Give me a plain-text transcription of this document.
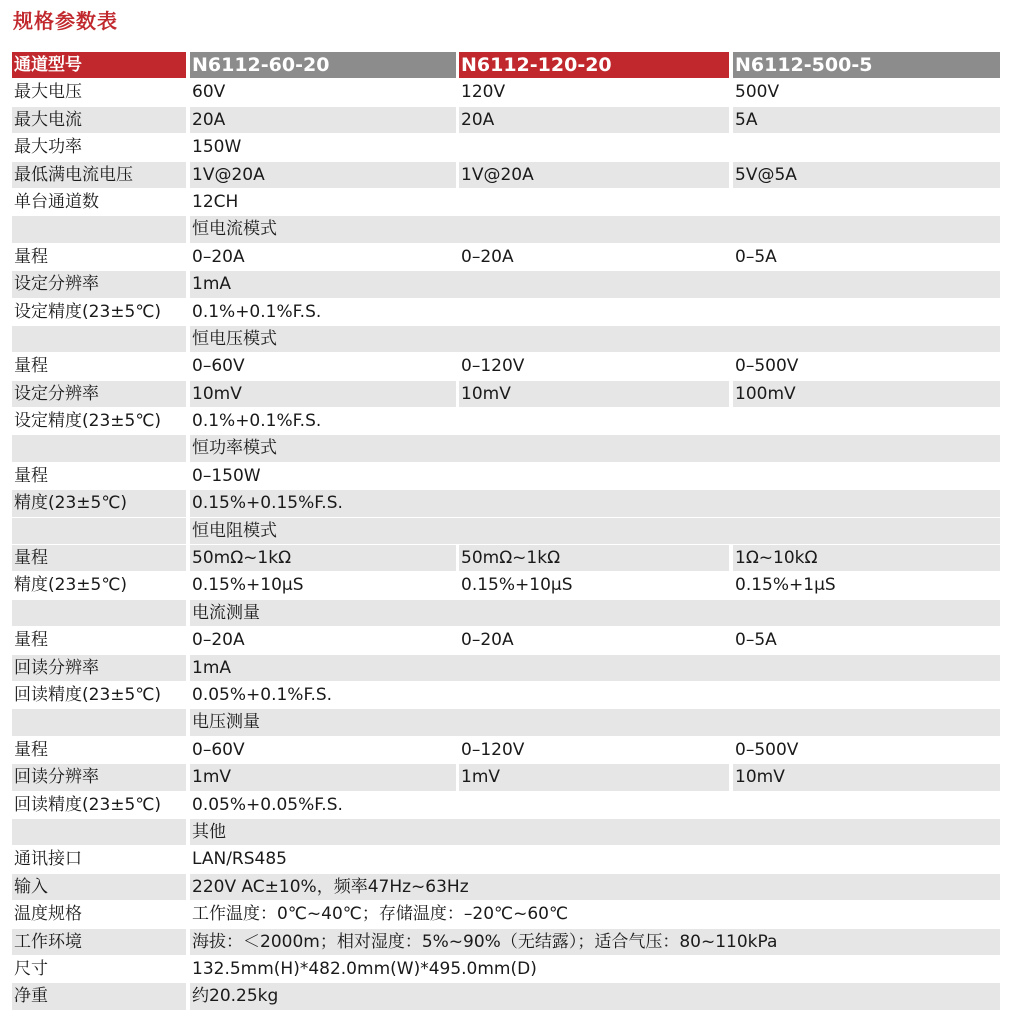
规格参数表
通道型号	N6112-60-20	N6112-120-20	N6112-500-5
最大电压	60V	120V	500V
最大电流	20A	20A	5A
最大功率	150W
最低满电流电压	1V@20A	1V@20A	5V@5A
单台通道数	12CH
恒电流模式
量程	0–20A	0–20A	0–5A
设定分辨率	1mA
设定精度(23±5℃)	0.1%+0.1%F.S.
恒电压模式
量程	0–60V	0–120V	0–500V
设定分辨率	10mV	10mV	100mV
设定精度(23±5℃)	0.1%+0.1%F.S.
恒功率模式
量程	0–150W
精度(23±5℃)	0.15%+0.15%F.S.
恒电阻模式
量程	50mΩ~1kΩ	50mΩ~1kΩ	1Ω~10kΩ
精度(23±5℃)	0.15%+10μS	0.15%+10μS	0.15%+1μS
电流测量
量程	0–20A	0–20A	0–5A
回读分辨率	1mA
回读精度(23±5℃)	0.05%+0.1%F.S.
电压测量
量程	0–60V	0–120V	0–500V
回读分辨率	1mV	1mV	10mV
回读精度(23±5℃)	0.05%+0.05%F.S.
其他
通讯接口	LAN/RS485
输入	220V AC±10%，频率47Hz~63Hz
温度规格	工作温度：0℃~40℃；存储温度：–20℃~60℃
工作环境	海拔：＜2000m；相对湿度：5%~90%（无结露）；适合气压：80~110kPa
尺寸	132.5mm(H)*482.0mm(W)*495.0mm(D)
净重	约20.25kg
